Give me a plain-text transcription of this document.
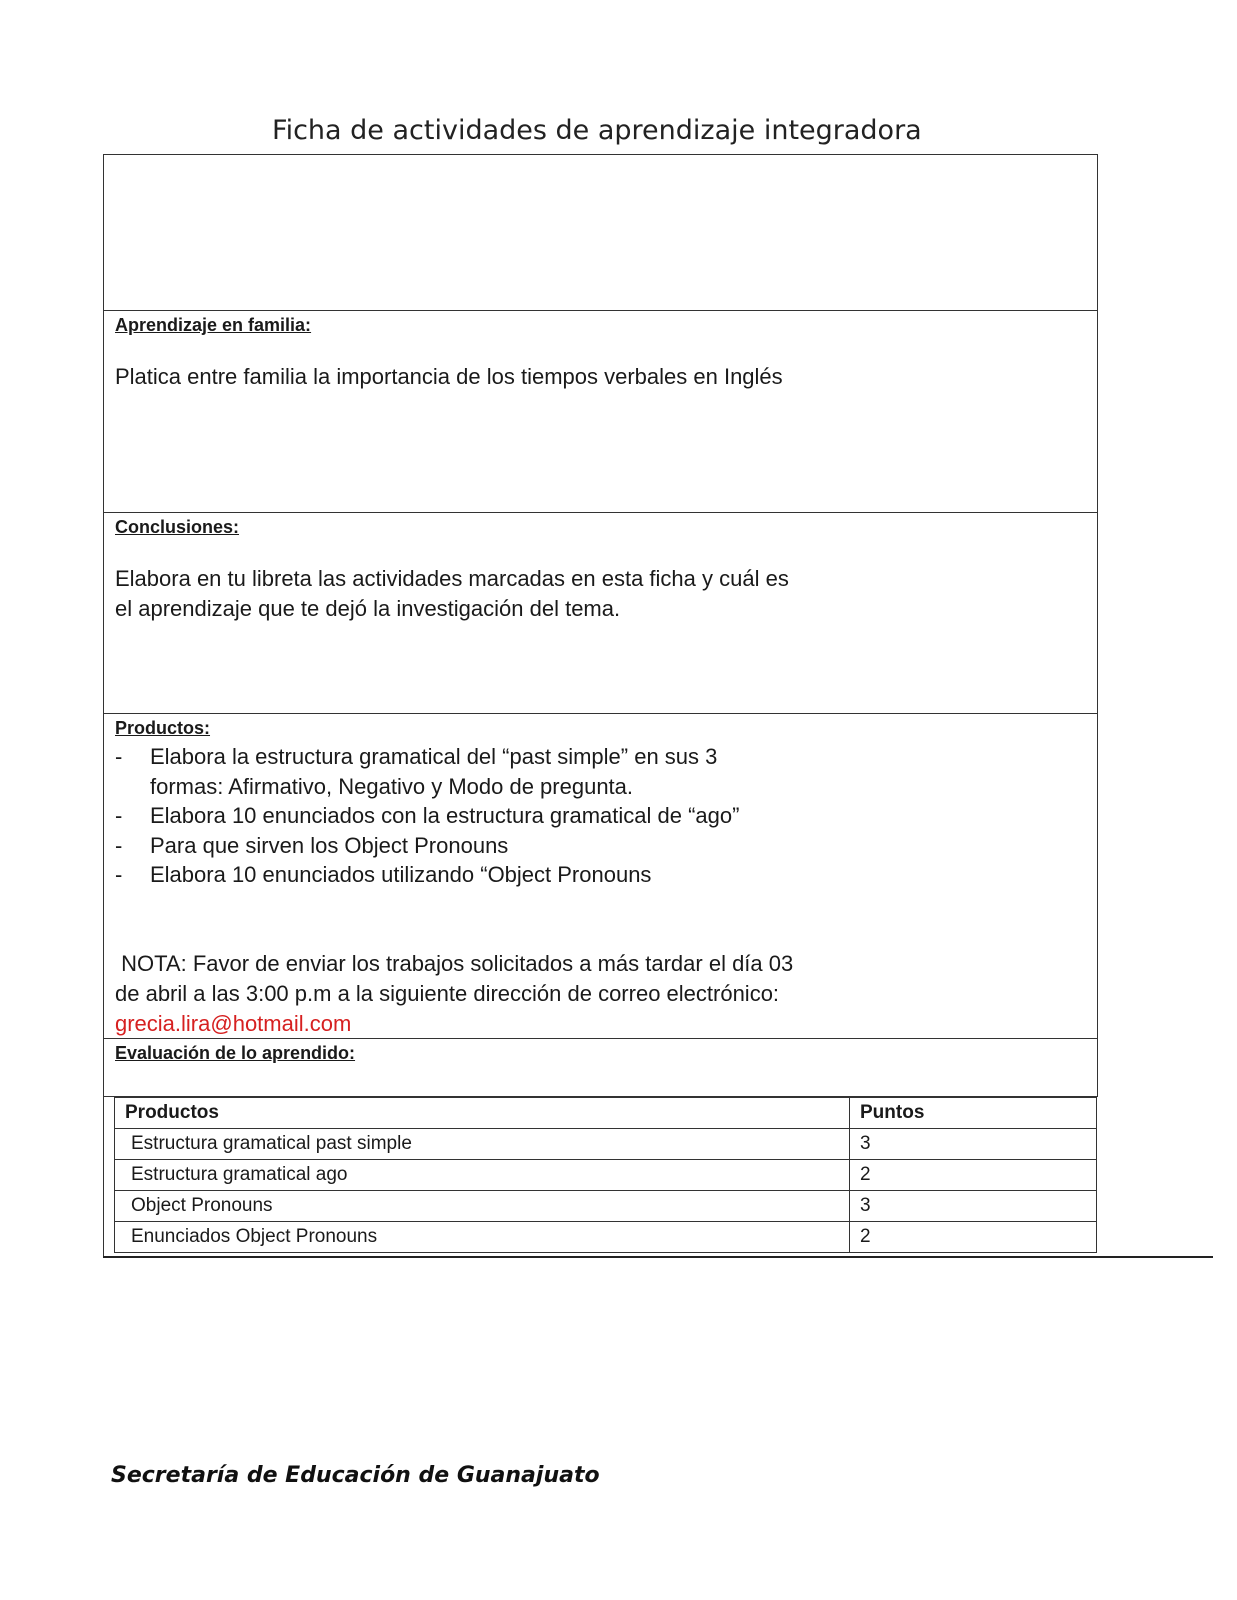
Ficha de actividades de aprendizaje integradora
Aprendizaje en familia:
Platica entre familia la importancia de los tiempos verbales en Inglés
Conclusiones:
Elabora en tu libreta las actividades marcadas en esta ficha y cuál es
el aprendizaje que te dejó la investigación del tema.
Productos:
-	Elabora la estructura gramatical del “past simple” en sus 3
formas: Afirmativo, Negativo y Modo de pregunta.
-	Elabora 10 enunciados con la estructura gramatical de “ago”
-	Para que sirven los Object Pronouns
-	Elabora 10 enunciados utilizando “Object Pronouns
NOTA: Favor de enviar los trabajos solicitados a más tardar el día 03
de abril a las 3:00 p.m a la siguiente dirección de correo electrónico:
grecia.lira@hotmail.com
Evaluación de lo aprendido:
Productos	Puntos
Estructura gramatical past simple	3
Estructura gramatical ago	2
Object Pronouns	3
Enunciados Object Pronouns	2
Secretaría de Educación de Guanajuato
